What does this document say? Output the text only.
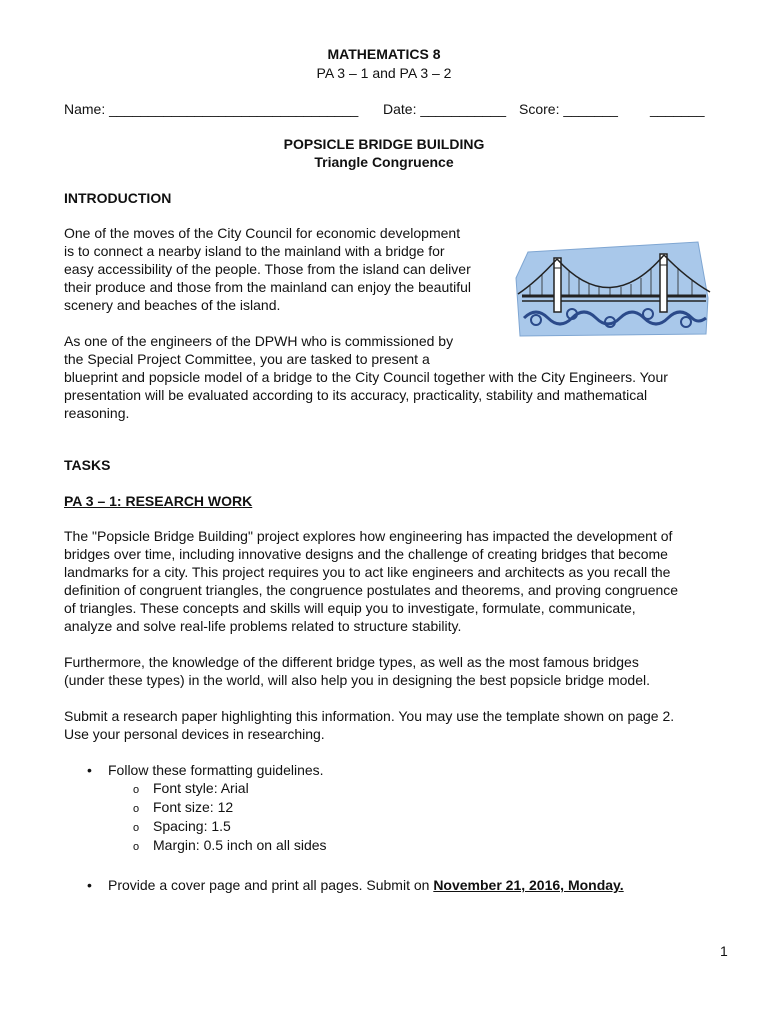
MATHEMATICS 8
PA 3 – 1 and PA 3 – 2
Name: ________________________________ Date: ___________ Score: _______ _______
POPSICLE BRIDGE BUILDING
Triangle Congruence
INTRODUCTION
One of the moves of the City Council for economic development
is to connect a nearby island to the mainland with a bridge for
easy accessibility of the people. Those from the island can deliver
their produce and those from the mainland can enjoy the beautiful
scenery and beaches of the island.
As one of the engineers of the DPWH who is commissioned by
the Special Project Committee, you are tasked to present a
blueprint and popsicle model of a bridge to the City Council together with the City Engineers. Your
presentation will be evaluated according to its accuracy, practicality, stability and mathematical
reasoning.
TASKS
PA 3 – 1: RESEARCH WORK
The "Popsicle Bridge Building" project explores how engineering has impacted the development of
bridges over time, including innovative designs and the challenge of creating bridges that become
landmarks for a city. This project requires you to act like engineers and architects as you recall the
definition of congruent triangles, the congruence postulates and theorems, and proving congruence
of triangles. These concepts and skills will equip you to investigate, formulate, communicate,
analyze and solve real-life problems related to structure stability.
Furthermore, the knowledge of the different bridge types, as well as the most famous bridges
(under these types) in the world, will also help you in designing the best popsicle bridge model.
Submit a research paper highlighting this information. You may use the template shown on page 2.
Use your personal devices in researching.
• Follow these formatting guidelines.
o Font style: Arial
o Font size: 12
o Spacing: 1.5
o Margin: 0.5 inch on all sides
• Provide a cover page and print all pages. Submit on November 21, 2016, Monday.
1
